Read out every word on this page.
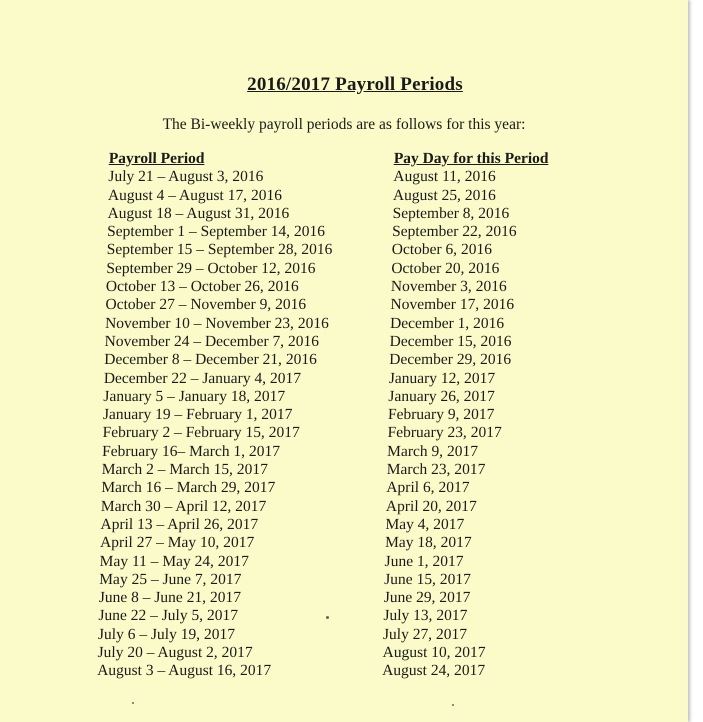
2016/2017 Payroll Periods
The Bi-weekly payroll periods are as follows for this year:
Payroll Period
July 21 – August 3, 2016
August 4 – August 17, 2016
August 18 – August 31, 2016
September 1 – September 14, 2016
September 15 – September 28, 2016
September 29 – October 12, 2016
October 13 – October 26, 2016
October 27 – November 9, 2016
November 10 – November 23, 2016
November 24 – December 7, 2016
December 8 – December 21, 2016
December 22 – January 4, 2017
January 5 – January 18, 2017
January 19 – February 1, 2017
February 2 – February 15, 2017
February 16– March 1, 2017
March 2 – March 15, 2017
March 16 – March 29, 2017
March 30 – April 12, 2017
April 13 – April 26, 2017
April 27 – May 10, 2017
May 11 – May 24, 2017
May 25 – June 7, 2017
June 8 – June 21, 2017
June 22 – July 5, 2017
July 6 – July 19, 2017
July 20 – August 2, 2017
August 3 – August 16, 2017
Pay Day for this Period
August 11, 2016
August 25, 2016
September 8, 2016
September 22, 2016
October 6, 2016
October 20, 2016
November 3, 2016
November 17, 2016
December 1, 2016
December 15, 2016
December 29, 2016
January 12, 2017
January 26, 2017
February 9, 2017
February 23, 2017
March 9, 2017
March 23, 2017
April 6, 2017
April 20, 2017
May 4, 2017
May 18, 2017
June 1, 2017
June 15, 2017
June 29, 2017
July 13, 2017
July 27, 2017
August 10, 2017
August 24, 2017
